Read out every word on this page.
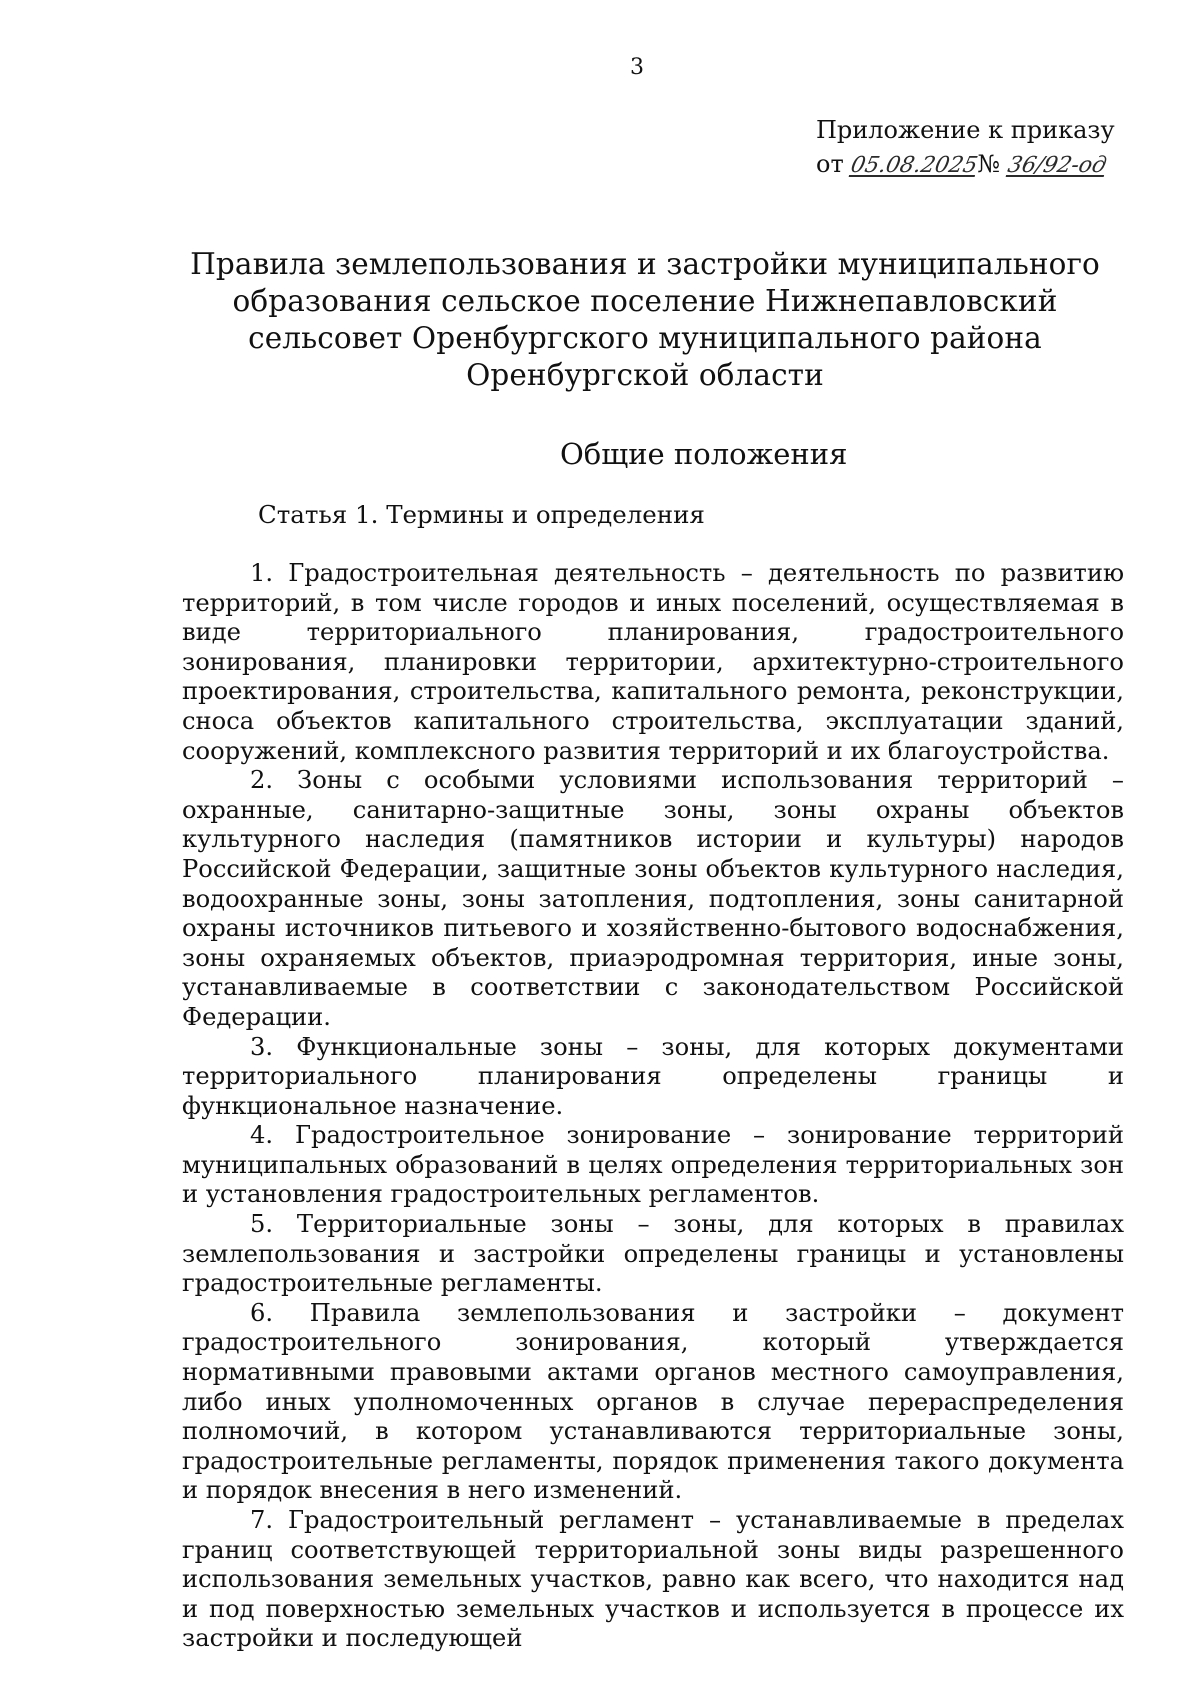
3
Приложение к приказу
от 05.08.2025№ 36/92-од
Правила землепользования и застройки муниципального образования сельское поселение Нижнепавловский сельсовет Оренбургского муниципального района Оренбургской области
Общие положения
Статья 1. Термины и определения

1. Градостроительная деятельность – деятельность по развитию территорий, в том числе городов и иных поселений, осуществляемая в виде территориального планирования, градостроительного зонирования, планировки территории, архитектурно-строительного проектирования, строительства, капитального ремонта, реконструкции, сноса объектов капитального строительства, эксплуатации зданий, сооружений, комплексного развития территорий и их благоустройства.

2. Зоны с особыми условиями использования территорий – охранные, санитарно-защитные зоны, зоны охраны объектов культурного наследия (памятников истории и культуры) народов Российской Федерации, защитные зоны объектов культурного наследия, водоохранные зоны, зоны затопления, подтопления, зоны санитарной охраны источников питьевого и хозяйственно-бытового водоснабжения, зоны охраняемых объектов, приаэродромная территория, иные зоны, устанавливаемые в соответствии с законодательством Российской Федерации.

3. Функциональные зоны – зоны, для которых документами территориального планирования определены границы и функциональное назначение.

4. Градостроительное зонирование – зонирование территорий муниципальных образований в целях определения территориальных зон и установления градостроительных регламентов.

5. Территориальные зоны – зоны, для которых в правилах землепользования и застройки определены границы и установлены градостроительные регламенты.

6. Правила землепользования и застройки – документ градостроительного зонирования, который утверждается нормативными правовыми актами органов местного самоуправления, либо иных уполномоченных органов в случае перераспределения полномочий, в котором устанавливаются территориальные зоны, градостроительные регламенты, порядок применения такого документа и порядок внесения в него изменений.

7. Градостроительный регламент – устанавливаемые в пределах границ соответствующей территориальной зоны виды разрешенного использования земельных участков, равно как всего, что находится над и под поверхностью земельных участков и используется в процессе их застройки и последующей
